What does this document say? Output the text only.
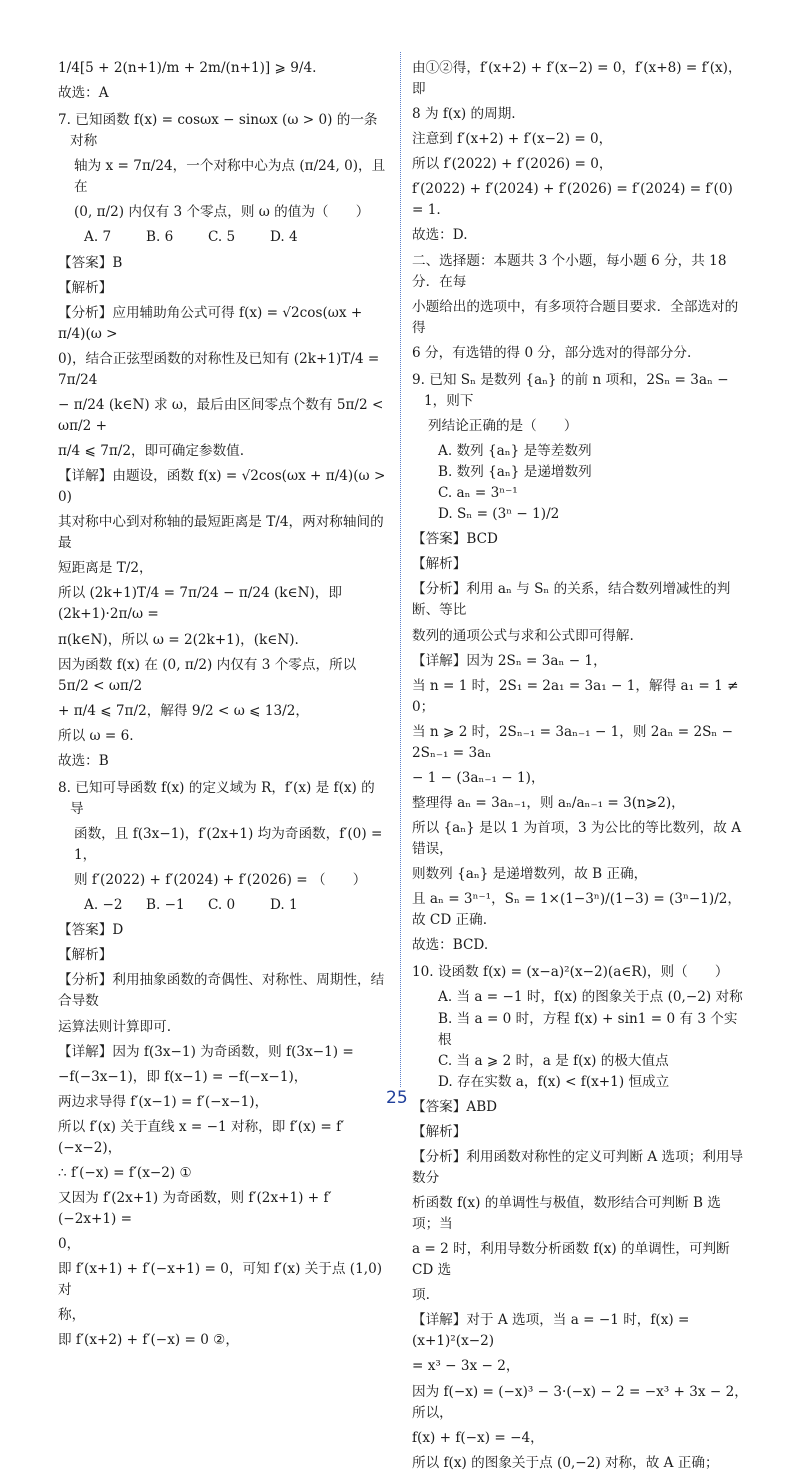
1/4[5 + 2(n+1)/m + 2m/(n+1)] ⩾ 9/4.

故选：A

7. 已知函数 f(x) = cosωx − sinωx (ω > 0) 的一条对称

轴为 x = 7π/24，一个对称中心为点 (π/24, 0)，且在

(0, π/2) 内仅有 3 个零点，则 ω 的值为（　　）

A. 7	B. 6	C. 5	D. 4

【答案】B

【解析】

【分析】应用辅助角公式可得 f(x) = √2cos(ωx + π/4)(ω >

0)，结合正弦型函数的对称性及已知有 (2k+1)T/4 = 7π/24

− π/24 (k∈N) 求 ω，最后由区间零点个数有 5π/2 < ωπ/2 +

π/4 ⩽ 7π/2，即可确定参数值.

【详解】由题设，函数 f(x) = √2cos(ωx + π/4)(ω > 0)

其对称中心到对称轴的最短距离是 T/4，两对称轴间的最

短距离是 T/2，

所以 (2k+1)T/4 = 7π/24 − π/24 (k∈N)，即 (2k+1)·2π/ω =

π(k∈N)，所以 ω = 2(2k+1)，(k∈N).

因为函数 f(x) 在 (0, π/2) 内仅有 3 个零点，所以 5π/2 < ωπ/2

+ π/4 ⩽ 7π/2，解得 9/2 < ω ⩽ 13/2，

所以 ω = 6.

故选：B

8. 已知可导函数 f(x) 的定义域为 R，f′(x) 是 f(x) 的导

函数，且 f(3x−1)，f′(2x+1) 均为奇函数，f′(0) = 1，

则 f′(2022) + f′(2024) + f′(2026) = （　　）

A. −2 B. −1 C. 0	D. 1

【答案】D

【解析】

【分析】利用抽象函数的奇偶性、对称性、周期性，结合导数

运算法则计算即可.

【详解】因为 f(3x−1) 为奇函数，则 f(3x−1) =

−f(−3x−1)，即 f(x−1) = −f(−x−1)，

两边求导得 f′(x−1) = f′(−x−1)，

所以 f′(x) 关于直线 x = −1 对称，即 f′(x) = f′(−x−2)，

∴ f′(−x) = f′(x−2) ①

又因为 f′(2x+1) 为奇函数，则 f′(2x+1) + f′(−2x+1) =

0，

即 f′(x+1) + f′(−x+1) = 0，可知 f′(x) 关于点 (1,0) 对

称，

即 f′(x+2) + f′(−x) = 0 ②，

由①②得，f′(x+2) + f′(x−2) = 0，f′(x+8) = f′(x)，即

8 为 f(x) 的周期.

注意到 f′(x+2) + f′(x−2) = 0，

所以 f′(2022) + f′(2026) = 0，

f′(2022) + f′(2024) + f′(2026) = f′(2024) = f′(0) = 1.

故选：D.

二、选择题：本题共 3 个小题，每小题 6 分，共 18 分．在每

小题给出的选项中，有多项符合题目要求．全部选对的得

6 分，有选错的得 0 分，部分选对的得部分分.

9. 已知 Sₙ 是数列 {aₙ} 的前 n 项和，2Sₙ = 3aₙ − 1，则下

列结论正确的是（　　）

A. 数列 {aₙ} 是等差数列
B. 数列 {aₙ} 是递增数列
C. aₙ = 3ⁿ⁻¹
D. Sₙ = (3ⁿ − 1)/2

【答案】BCD

【解析】

【分析】利用 aₙ 与 Sₙ 的关系，结合数列增减性的判断、等比

数列的通项公式与求和公式即可得解.

【详解】因为 2Sₙ = 3aₙ − 1，

当 n = 1 时，2S₁ = 2a₁ = 3a₁ − 1，解得 a₁ = 1 ≠ 0；

当 n ⩾ 2 时，2Sₙ₋₁ = 3aₙ₋₁ − 1，则 2aₙ = 2Sₙ − 2Sₙ₋₁ = 3aₙ

− 1 − (3aₙ₋₁ − 1)，

整理得 aₙ = 3aₙ₋₁，则 aₙ/aₙ₋₁ = 3(n⩾2)，

所以 {aₙ} 是以 1 为首项，3 为公比的等比数列，故 A 错误，

则数列 {aₙ} 是递增数列，故 B 正确，

且 aₙ = 3ⁿ⁻¹，Sₙ = 1×(1−3ⁿ)/(1−3) = (3ⁿ−1)/2，故 CD 正确.

故选：BCD.

10. 设函数 f(x) = (x−a)²(x−2)(a∈R)，则（　　）

A. 当 a = −1 时，f(x) 的图象关于点 (0,−2) 对称
B. 当 a = 0 时，方程 f(x) + sin1 = 0 有 3 个实根
C. 当 a ⩾ 2 时，a 是 f(x) 的极大值点
D. 存在实数 a，f(x) < f(x+1) 恒成立

【答案】ABD

【解析】

【分析】利用函数对称性的定义可判断 A 选项；利用导数分

析函数 f(x) 的单调性与极值，数形结合可判断 B 选项；当

a = 2 时，利用导数分析函数 f(x) 的单调性，可判断 CD 选

项.

【详解】对于 A 选项，当 a = −1 时，f(x) = (x+1)²(x−2)

= x³ − 3x − 2，

因为 f(−x) = (−x)³ − 3·(−x) − 2 = −x³ + 3x − 2，所以，

f(x) + f(−x) = −4，

所以 f(x) 的图象关于点 (0,−2) 对称，故 A 正确；

25
